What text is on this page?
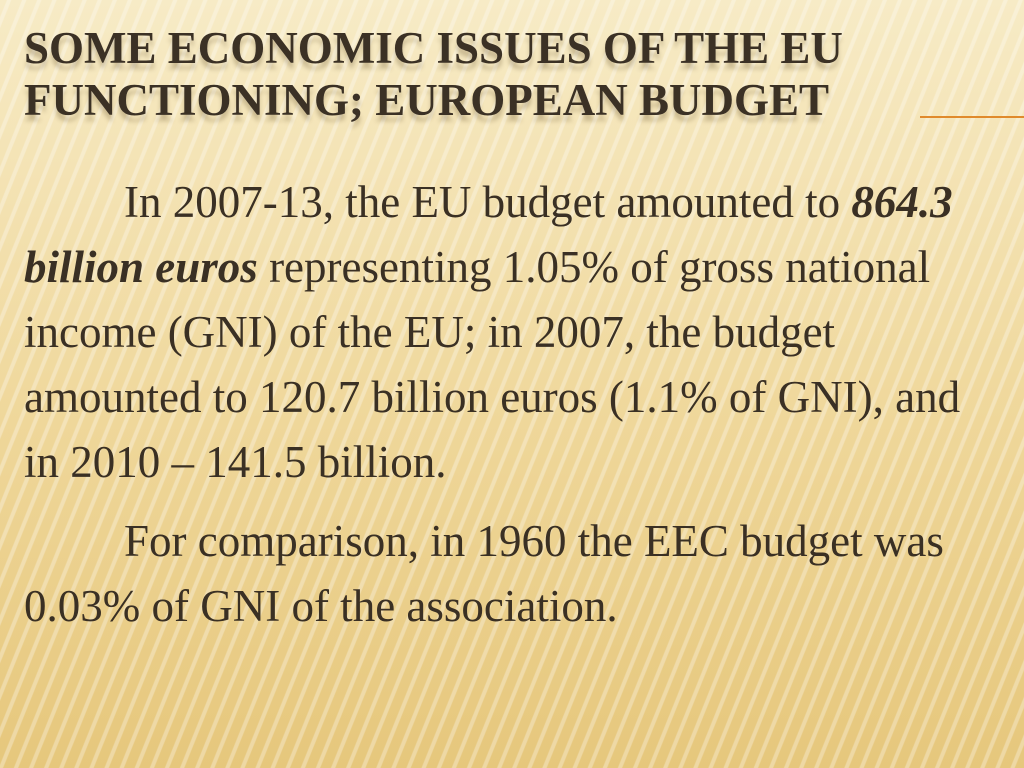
SOME ECONOMIC ISSUES OF THE EU
FUNCTIONING; EUROPEAN BUDGET

In 2007-13, the EU budget amounted to 864.3 billion euros representing 1.05% of gross national income (GNI) of the EU; in 2007, the budget amounted to 120.7 billion euros (1.1% of GNI), and in 2010 – 141.5 billion.

For comparison, in 1960 the EEC budget was 0.03% of GNI of the association.
